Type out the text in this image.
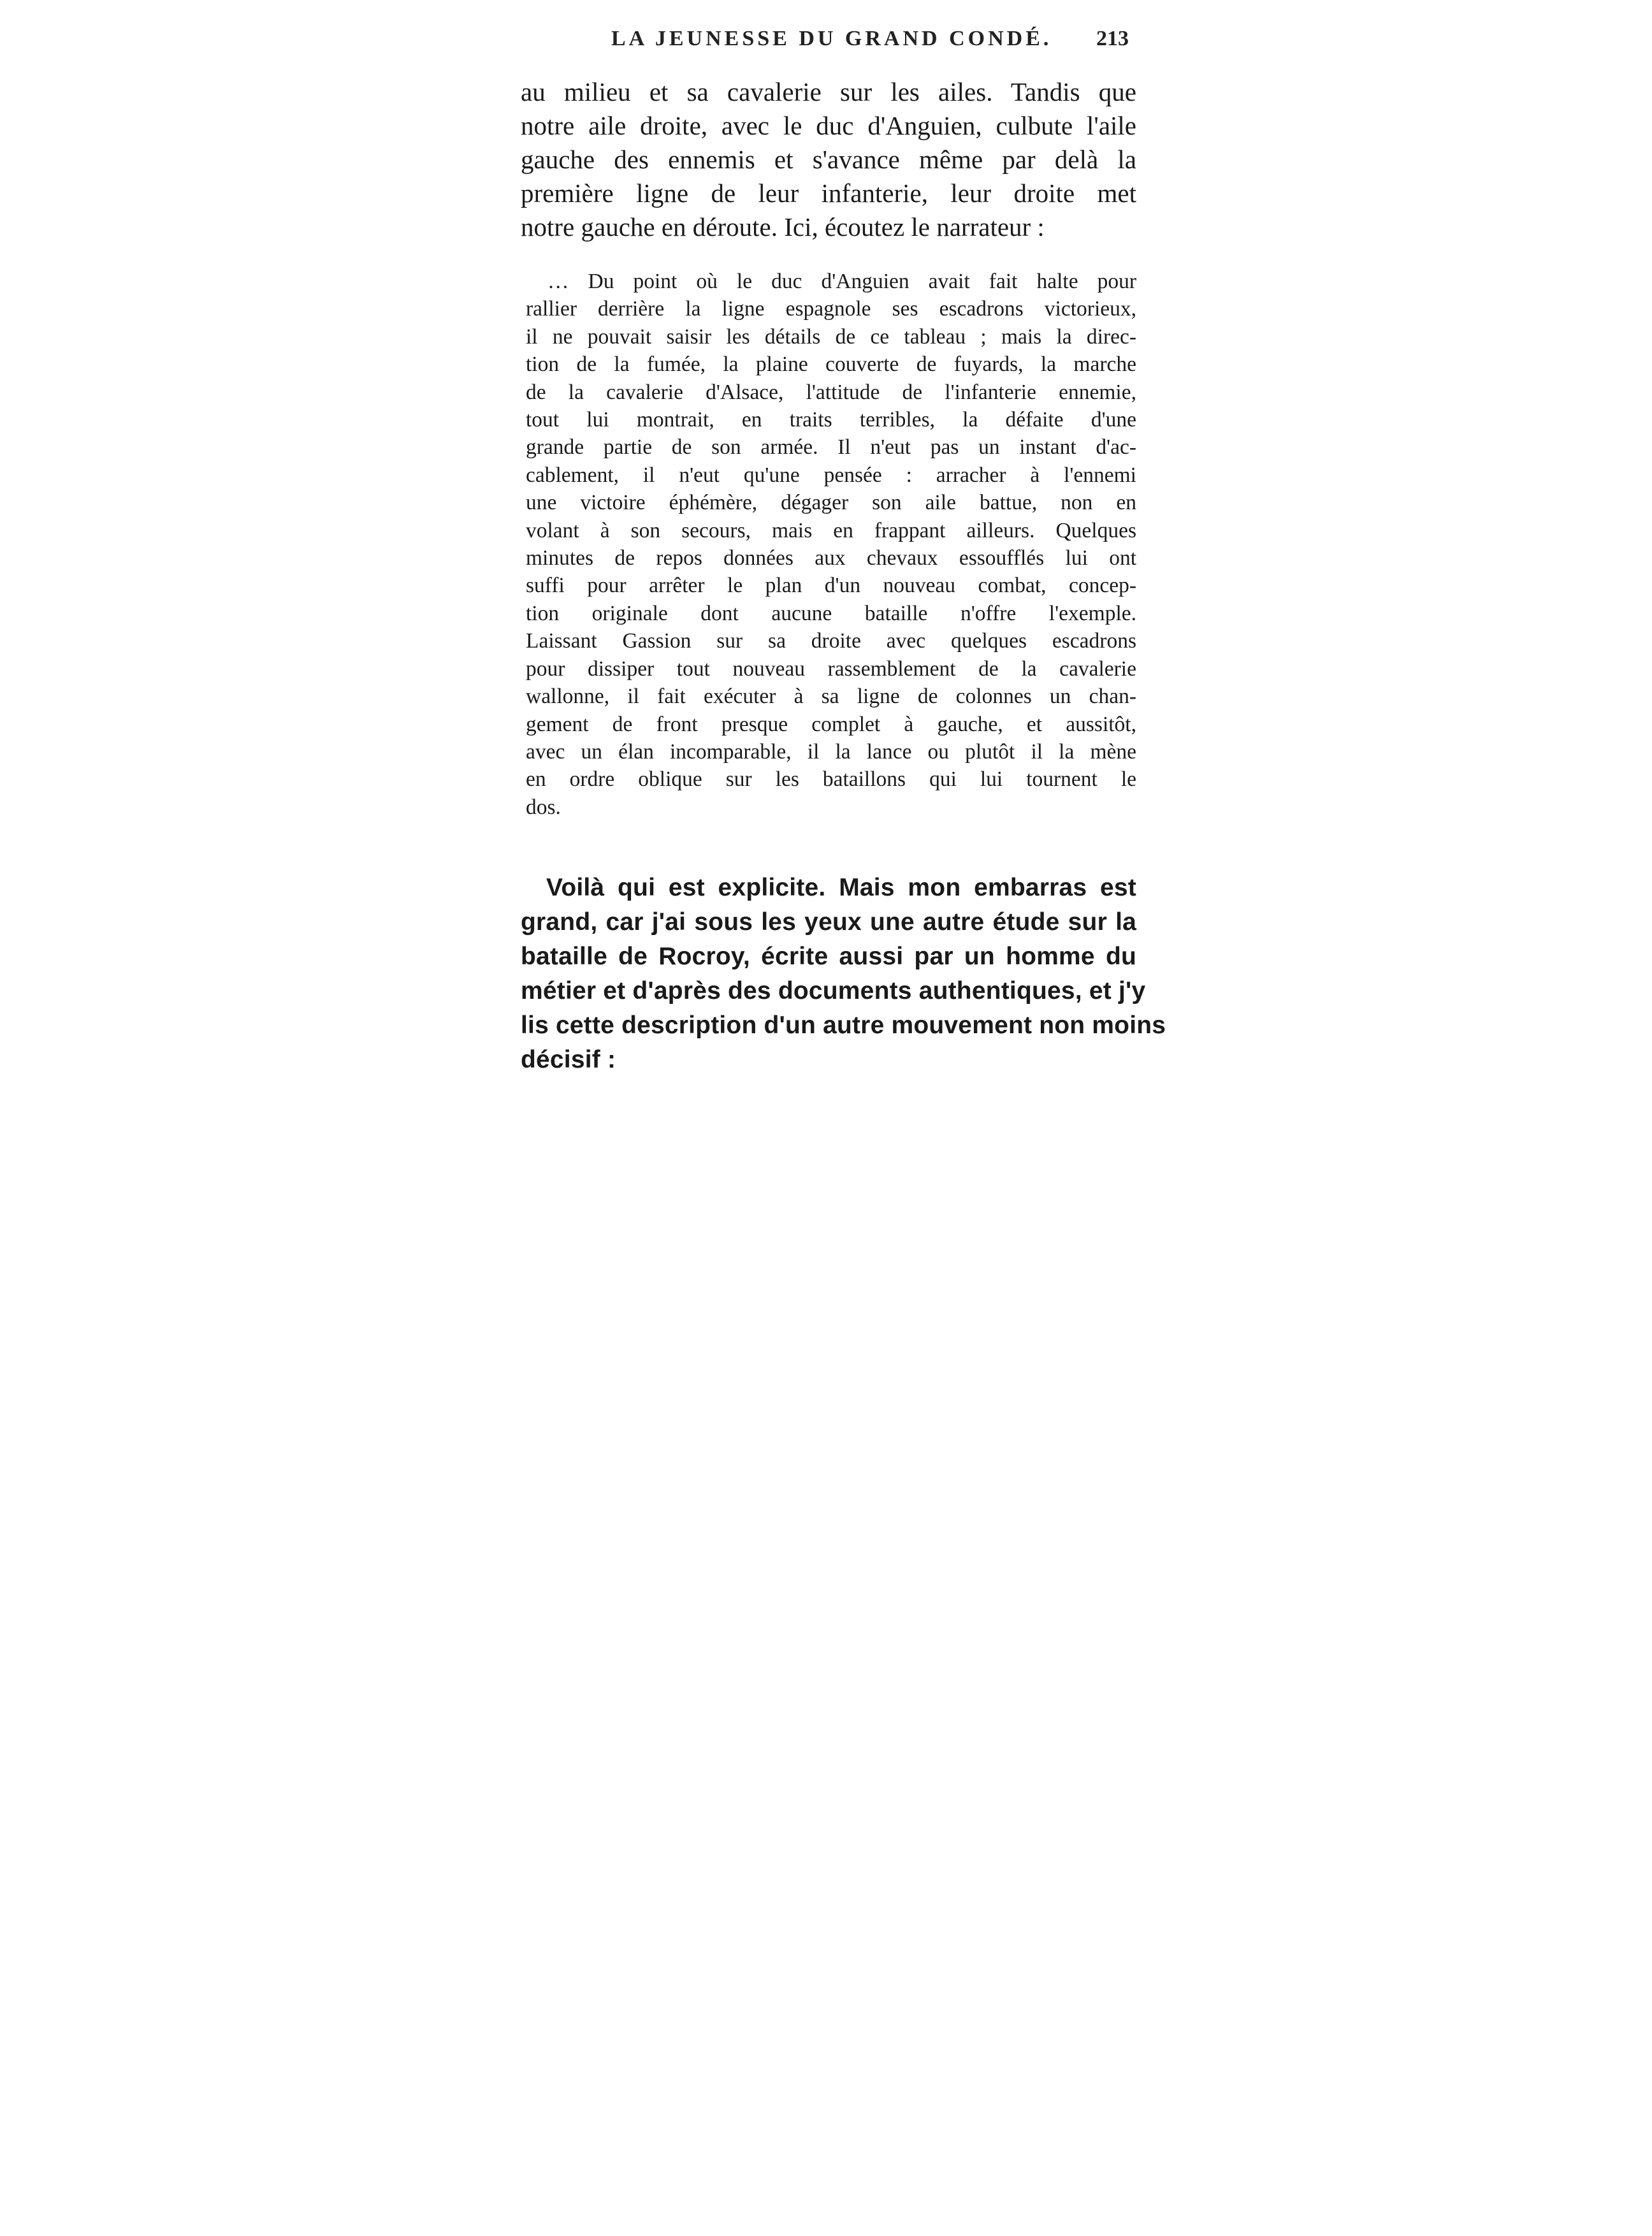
LA JEUNESSE DU GRAND CONDÉ. 213

au milieu et sa cavalerie sur les ailes. Tandis que
notre aile droite, avec le duc d'Anguien, culbute l'aile
gauche des ennemis et s'avance même par delà la
première ligne de leur infanterie, leur droite met
notre gauche en déroute. Ici, écoutez le narrateur :

… Du point où le duc d'Anguien avait fait halte pour
rallier derrière la ligne espagnole ses escadrons victorieux,
il ne pouvait saisir les détails de ce tableau ; mais la direc-
tion de la fumée, la plaine couverte de fuyards, la marche
de la cavalerie d'Alsace, l'attitude de l'infanterie ennemie,
tout lui montrait, en traits terribles, la défaite d'une
grande partie de son armée. Il n'eut pas un instant d'ac-
cablement, il n'eut qu'une pensée : arracher à l'ennemi
une victoire éphémère, dégager son aile battue, non en
volant à son secours, mais en frappant ailleurs. Quelques
minutes de repos données aux chevaux essoufflés lui ont
suffi pour arrêter le plan d'un nouveau combat, concep-
tion originale dont aucune bataille n'offre l'exemple.
Laissant Gassion sur sa droite avec quelques escadrons
pour dissiper tout nouveau rassemblement de la cavalerie
wallonne, il fait exécuter à sa ligne de colonnes un chan-
gement de front presque complet à gauche, et aussitôt,
avec un élan incomparable, il la lance ou plutôt il la mène
en ordre oblique sur les bataillons qui lui tournent le
dos.

Voilà qui est explicite. Mais mon embarras est
grand, car j'ai sous les yeux une autre étude sur la
bataille de Rocroy, écrite aussi par un homme du
métier et d'après des documents authentiques, et j'y
lis cette description d'un autre mouvement non moins
décisif :
